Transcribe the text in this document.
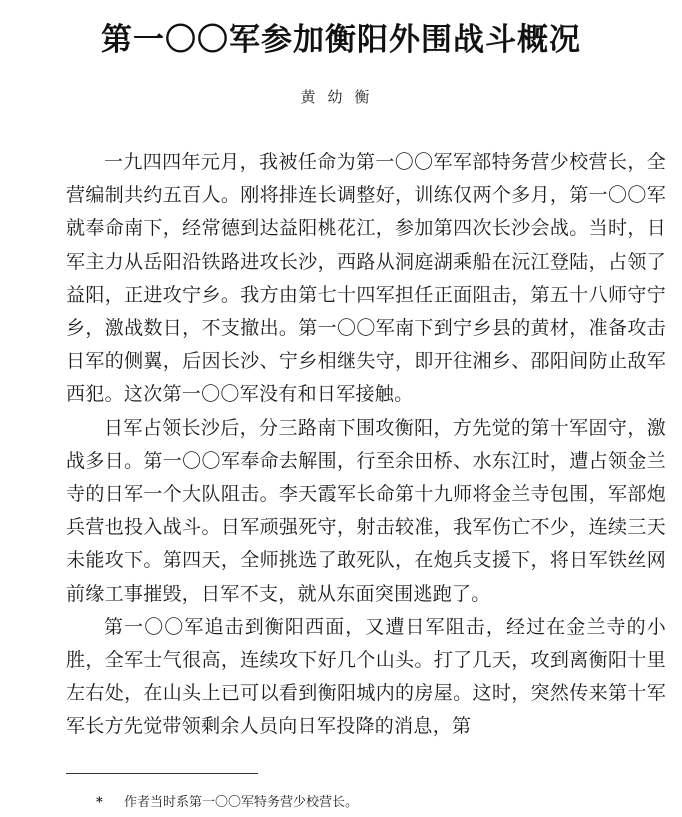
第一〇〇军参加衡阳外围战斗概况

黄幼衡

一九四四年元月，我被任命为第一〇〇军军部特务营少校营长，全营编制共约五百人。刚将排连长调整好，训练仅两个多月，第一〇〇军就奉命南下，经常德到达益阳桃花江，参加第四次长沙会战。当时，日军主力从岳阳沿铁路进攻长沙，西路从洞庭湖乘船在沅江登陆，占领了益阳，正进攻宁乡。我方由第七十四军担任正面阻击，第五十八师守宁乡，激战数日，不支撤出。第一〇〇军南下到宁乡县的黄材，准备攻击日军的侧翼，后因长沙、宁乡相继失守，即开往湘乡、邵阳间防止敌军西犯。这次第一〇〇军没有和日军接触。

日军占领长沙后，分三路南下围攻衡阳，方先觉的第十军固守，激战多日。第一〇〇军奉命去解围，行至余田桥、水东江时，遭占领金兰寺的日军一个大队阻击。李天霞军长命第十九师将金兰寺包围，军部炮兵营也投入战斗。日军顽强死守，射击较准，我军伤亡不少，连续三天未能攻下。第四天，全师挑选了敢死队，在炮兵支援下，将日军铁丝网前缘工事摧毁，日军不支，就从东面突围逃跑了。

第一〇〇军追击到衡阳西面，又遭日军阻击，经过在金兰寺的小胜，全军士气很高，连续攻下好几个山头。打了几天，攻到离衡阳十里左右处，在山头上已可以看到衡阳城内的房屋。这时，突然传来第十军军长方先觉带领剩余人员向日军投降的消息，第

* 作者当时系第一〇〇军特务营少校营长。
